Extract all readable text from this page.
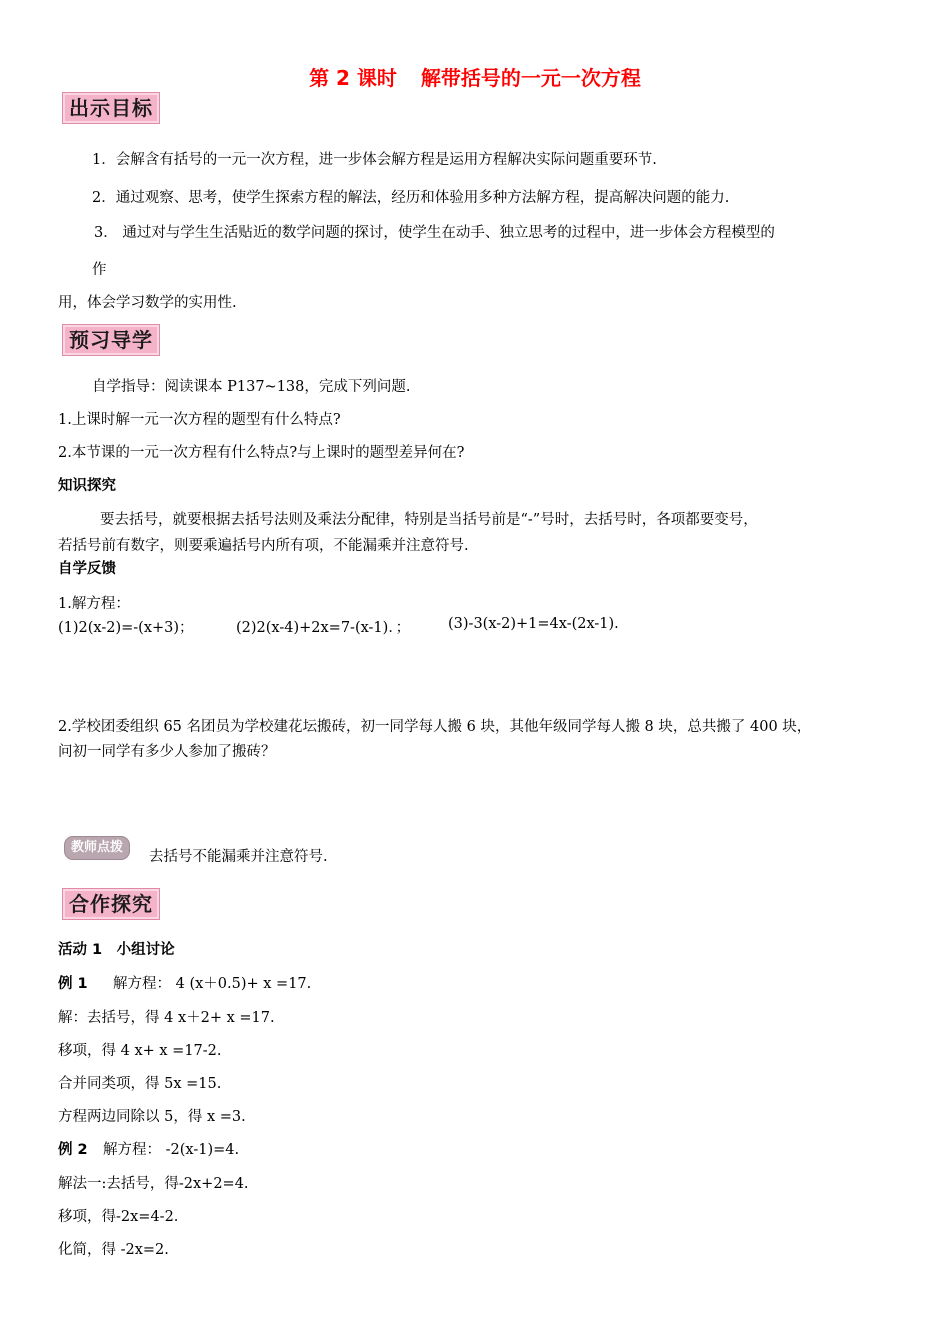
第 2 课时 解带括号的一元一次方程
出示目标
1．会解含有括号的一元一次方程，进一步体会解方程是运用方程解决实际问题重要环节.
2．通过观察、思考，使学生探索方程的解法，经历和体验用多种方法解方程，提高解决问题的能力.
3． 通过对与学生生活贴近的数学问题的探讨，使学生在动手、独立思考的过程中，进一步体会方程模型的
作
用，体会学习数学的实用性.
预习导学
自学指导：阅读课本 P137~138，完成下列问题.
1.上课时解一元一次方程的题型有什么特点?
2.本节课的一元一次方程有什么特点?与上课时的题型差异何在?
知识探究
要去括号，就要根据去括号法则及乘法分配律，特别是当括号前是“-”号时，去括号时，各项都要变号，
若括号前有数字，则要乘遍括号内所有项，不能漏乘并注意符号.
自学反馈
1.解方程：
(1)2(x-2)=-(x+3)；	(2)2(x-4)+2x=7-(x-1)．；	(3)-3(x-2)+1=4x-(2x-1).
2.学校团委组织 65 名团员为学校建花坛搬砖，初一同学每人搬 6 块，其他年级同学每人搬 8 块，总共搬了 400 块，
问初一同学有多少人参加了搬砖？
教师点拨
去括号不能漏乘并注意符号.
合作探究
活动 1　小组讨论
例 1 解方程： 4 (x＋0.5)+ x =17.
解：去括号，得 4 x＋2+ x =17.
移项，得 4 x+ x =17-2.
合并同类项，得 5x =15.
方程两边同除以 5，得 x =3.
例 2 解方程： -2(x-1)=4.
解法一:去括号，得-2x+2=4.
移项，得-2x=4-2.
化简，得 -2x=2.
